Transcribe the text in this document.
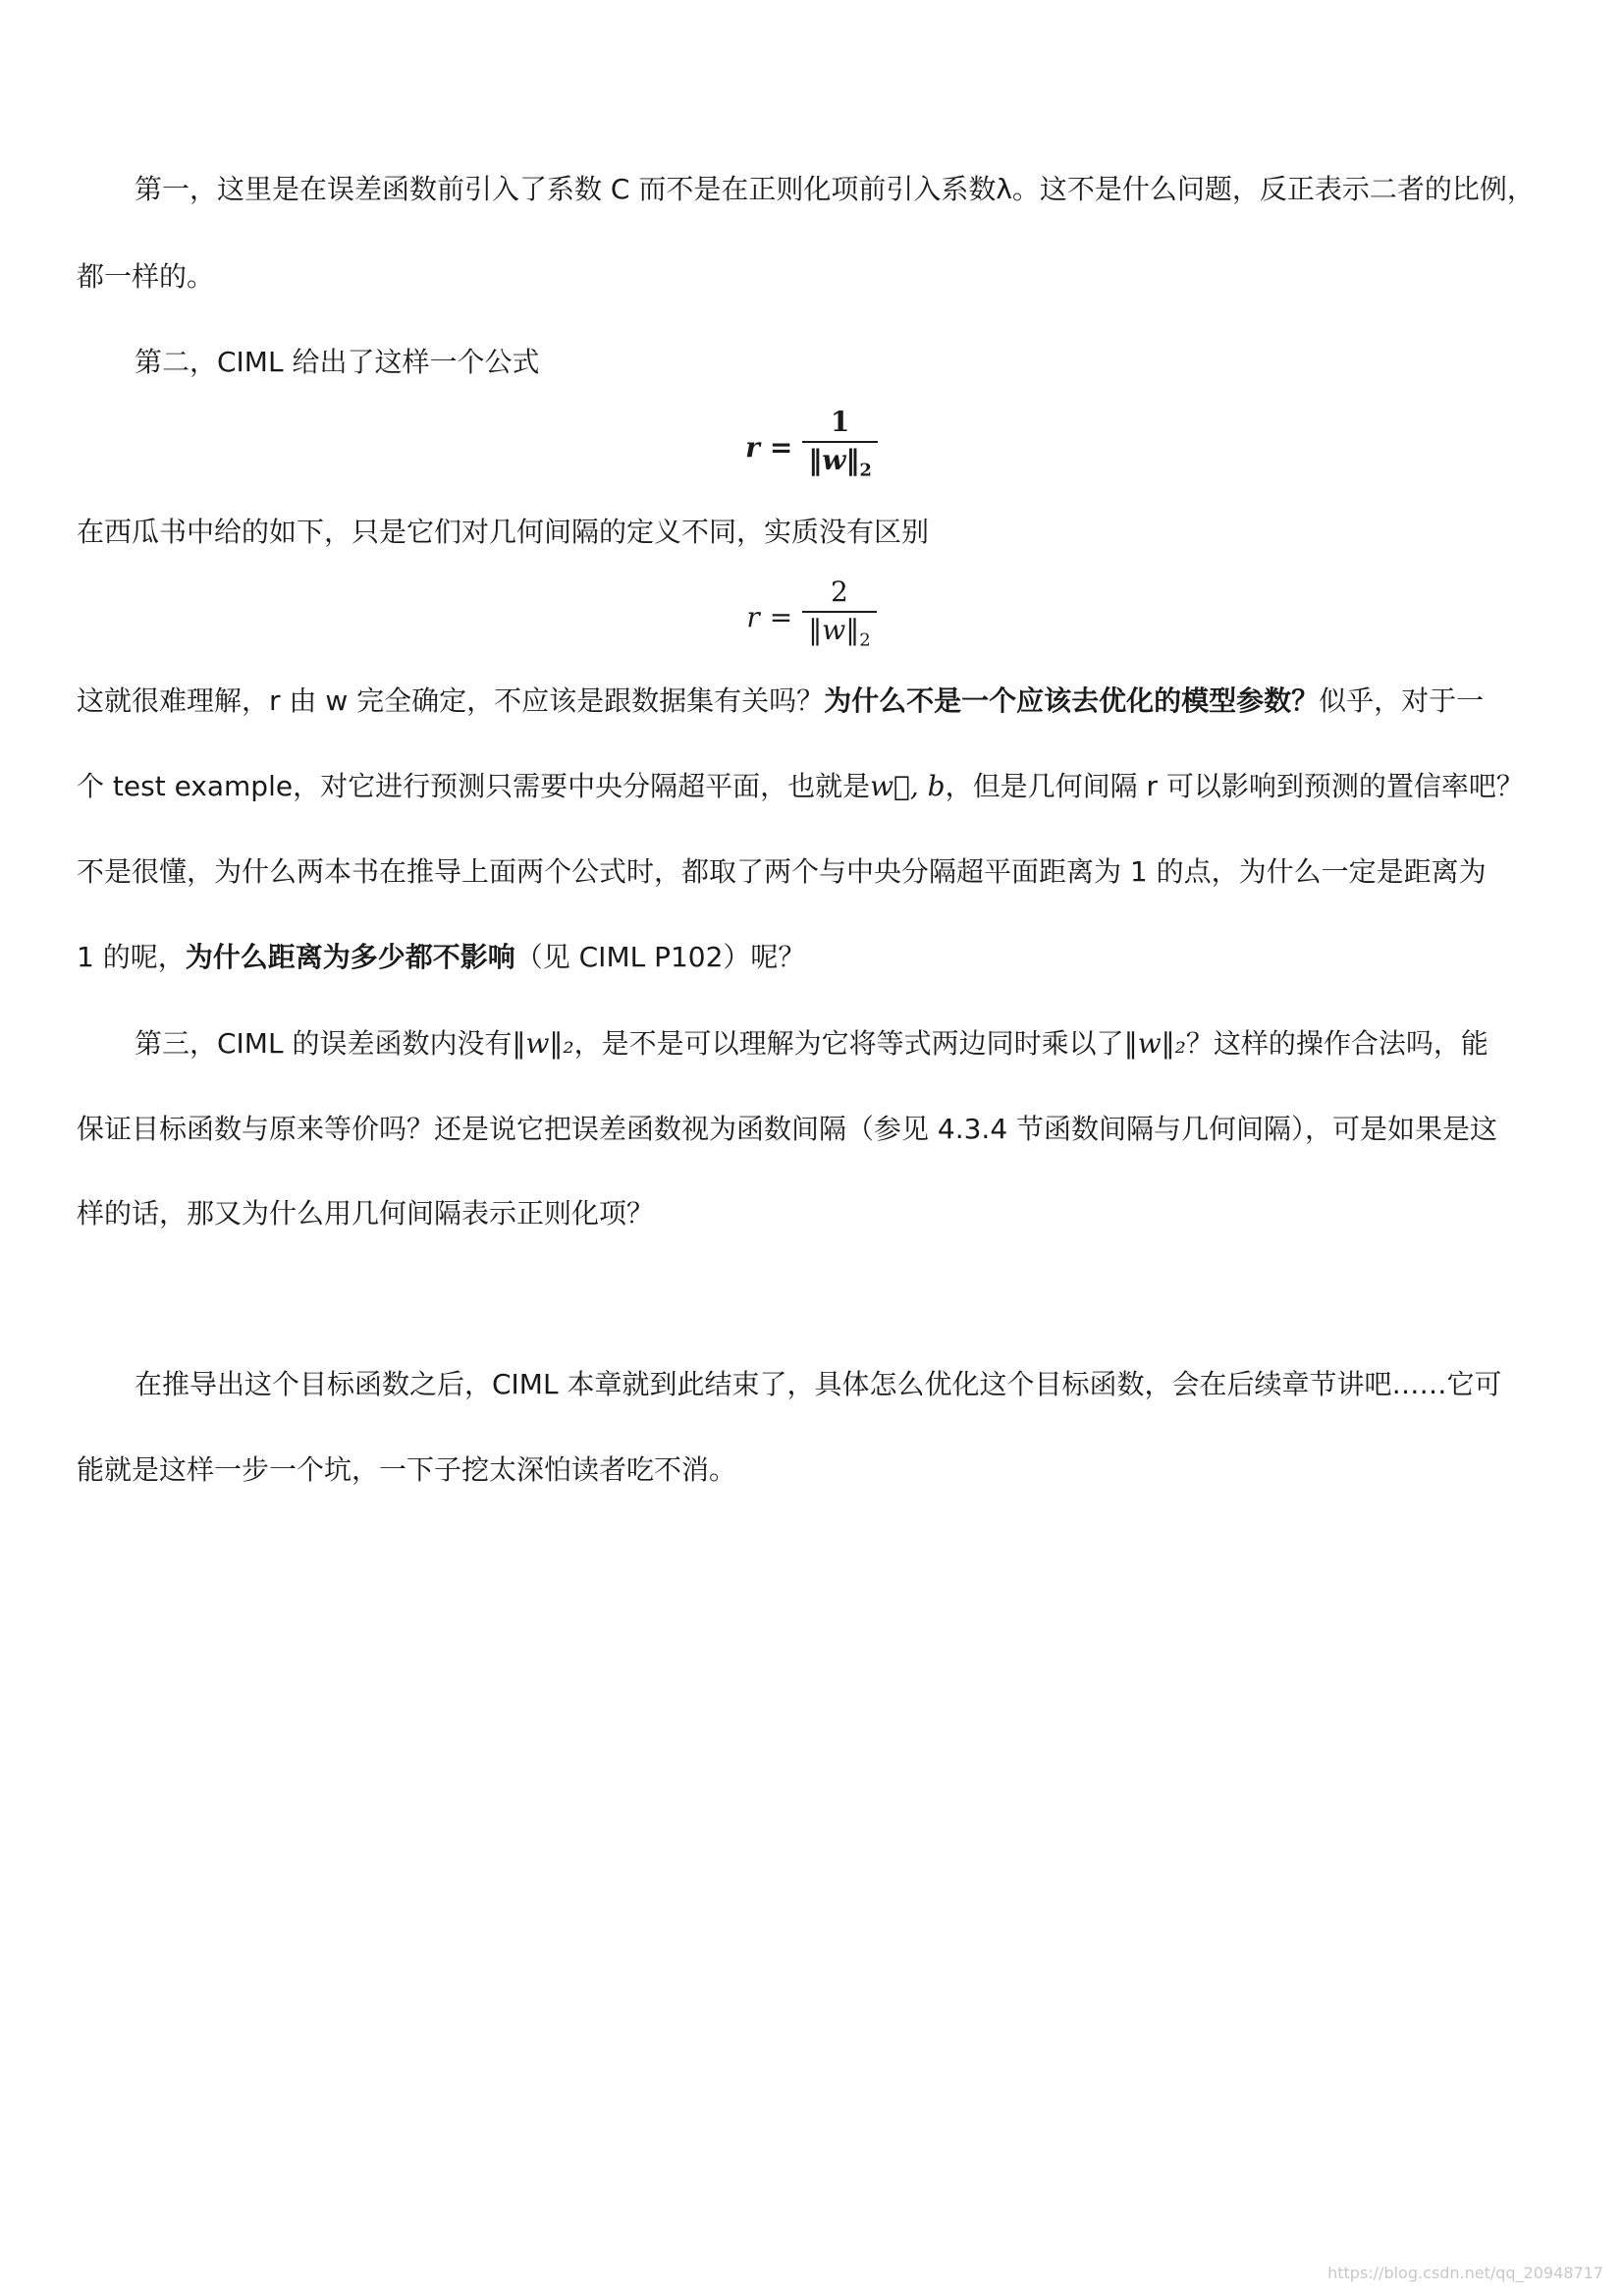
第一，这里是在误差函数前引入了系数 C 而不是在正则化项前引入系数λ。这不是什么问题，反正表示二者的比例，
都一样的。
第二，CIML 给出了这样一个公式
$r = \frac{1}{‖w‖_2}$
在西瓜书中给的如下，只是它们对几何间隔的定义不同，实质没有区别
$r = \frac{2}{‖w‖_2}$
这就很难理解，r 由 w 完全确定，不应该是跟数据集有关吗？为什么不是一个应该去优化的模型参数？似乎，对于一
个 test example，对它进行预测只需要中央分隔超平面，也就是w⃗, b，但是几何间隔 r 可以影响到预测的置信率吧？
不是很懂，为什么两本书在推导上面两个公式时，都取了两个与中央分隔超平面距离为 1 的点，为什么一定是距离为
1 的呢，为什么距离为多少都不影响（见 CIML P102）呢？
第三，CIML 的误差函数内没有‖w‖₂，是不是可以理解为它将等式两边同时乘以了‖w‖₂？这样的操作合法吗，能
保证目标函数与原来等价吗？还是说它把误差函数视为函数间隔（参见 4.3.4 节函数间隔与几何间隔），可是如果是这
样的话，那又为什么用几何间隔表示正则化项？
在推导出这个目标函数之后，CIML 本章就到此结束了，具体怎么优化这个目标函数，会在后续章节讲吧……它可
能就是这样一步一个坑，一下子挖太深怕读者吃不消。
https://blog.csdn.net/qq_20948717
